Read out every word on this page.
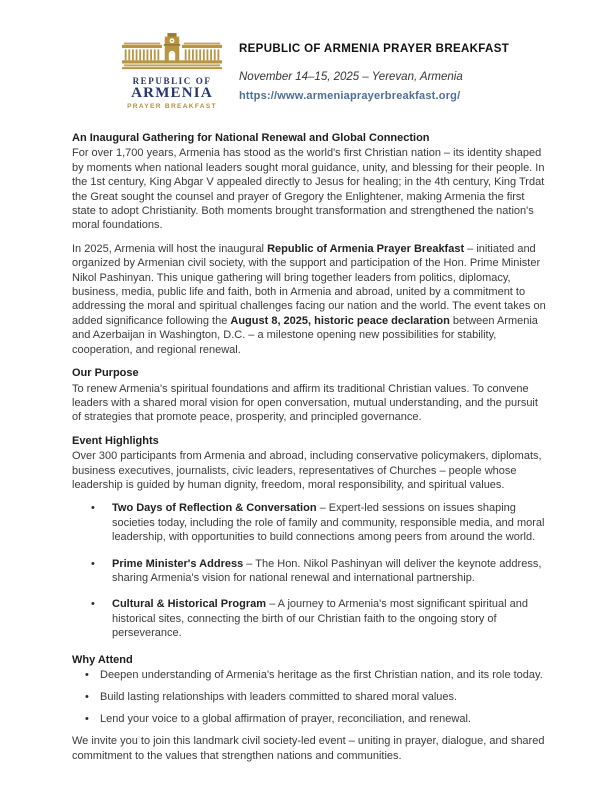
REPUBLIC OF
ARMENIA
PRAYER BREAKFAST
REPUBLIC OF ARMENIA PRAYER BREAKFAST
November 14–15, 2025 – Yerevan, Armenia
https://www.armeniaprayerbreakfast.org/
An Inaugural Gathering for National Renewal and Global Connection

For over 1,700 years, Armenia has stood as the world's first Christian nation – its identity shaped by moments when national leaders sought moral guidance, unity, and blessing for their people. In the 1st century, King Abgar V appealed directly to Jesus for healing; in the 4th century, King Trdat the Great sought the counsel and prayer of Gregory the Enlightener, making Armenia the first state to adopt Christianity. Both moments brought transformation and strengthened the nation's moral foundations.

In 2025, Armenia will host the inaugural Republic of Armenia Prayer Breakfast – initiated and organized by Armenian civil society, with the support and participation of the Hon. Prime Minister Nikol Pashinyan. This unique gathering will bring together leaders from politics, diplomacy, business, media, public life and faith, both in Armenia and abroad, united by a commitment to addressing the moral and spiritual challenges facing our nation and the world. The event takes on added significance following the August 8, 2025, historic peace declaration between Armenia and Azerbaijan in Washington, D.C. – a milestone opening new possibilities for stability, cooperation, and regional renewal.

Our Purpose

To renew Armenia's spiritual foundations and affirm its traditional Christian values. To convene leaders with a shared moral vision for open conversation, mutual understanding, and the pursuit of strategies that promote peace, prosperity, and principled governance.

Event Highlights

Over 300 participants from Armenia and abroad, including conservative policymakers, diplomats, business executives, journalists, civic leaders, representatives of Churches – people whose leadership is guided by human dignity, freedom, moral responsibility, and spiritual values.

• Two Days of Reflection & Conversation – Expert-led sessions on issues shaping societies today, including the role of family and community, responsible media, and moral leadership, with opportunities to build connections among peers from around the world.
• Prime Minister's Address – The Hon. Nikol Pashinyan will deliver the keynote address, sharing Armenia's vision for national renewal and international partnership.
• Cultural & Historical Program – A journey to Armenia's most significant spiritual and historical sites, connecting the birth of our Christian faith to the ongoing story of perseverance.
Why Attend
• Deepen understanding of Armenia's heritage as the first Christian nation, and its role today.
• Build lasting relationships with leaders committed to shared moral values.
• Lend your voice to a global affirmation of prayer, reconciliation, and renewal.

We invite you to join this landmark civil society-led event – uniting in prayer, dialogue, and shared commitment to the values that strengthen nations and communities.
